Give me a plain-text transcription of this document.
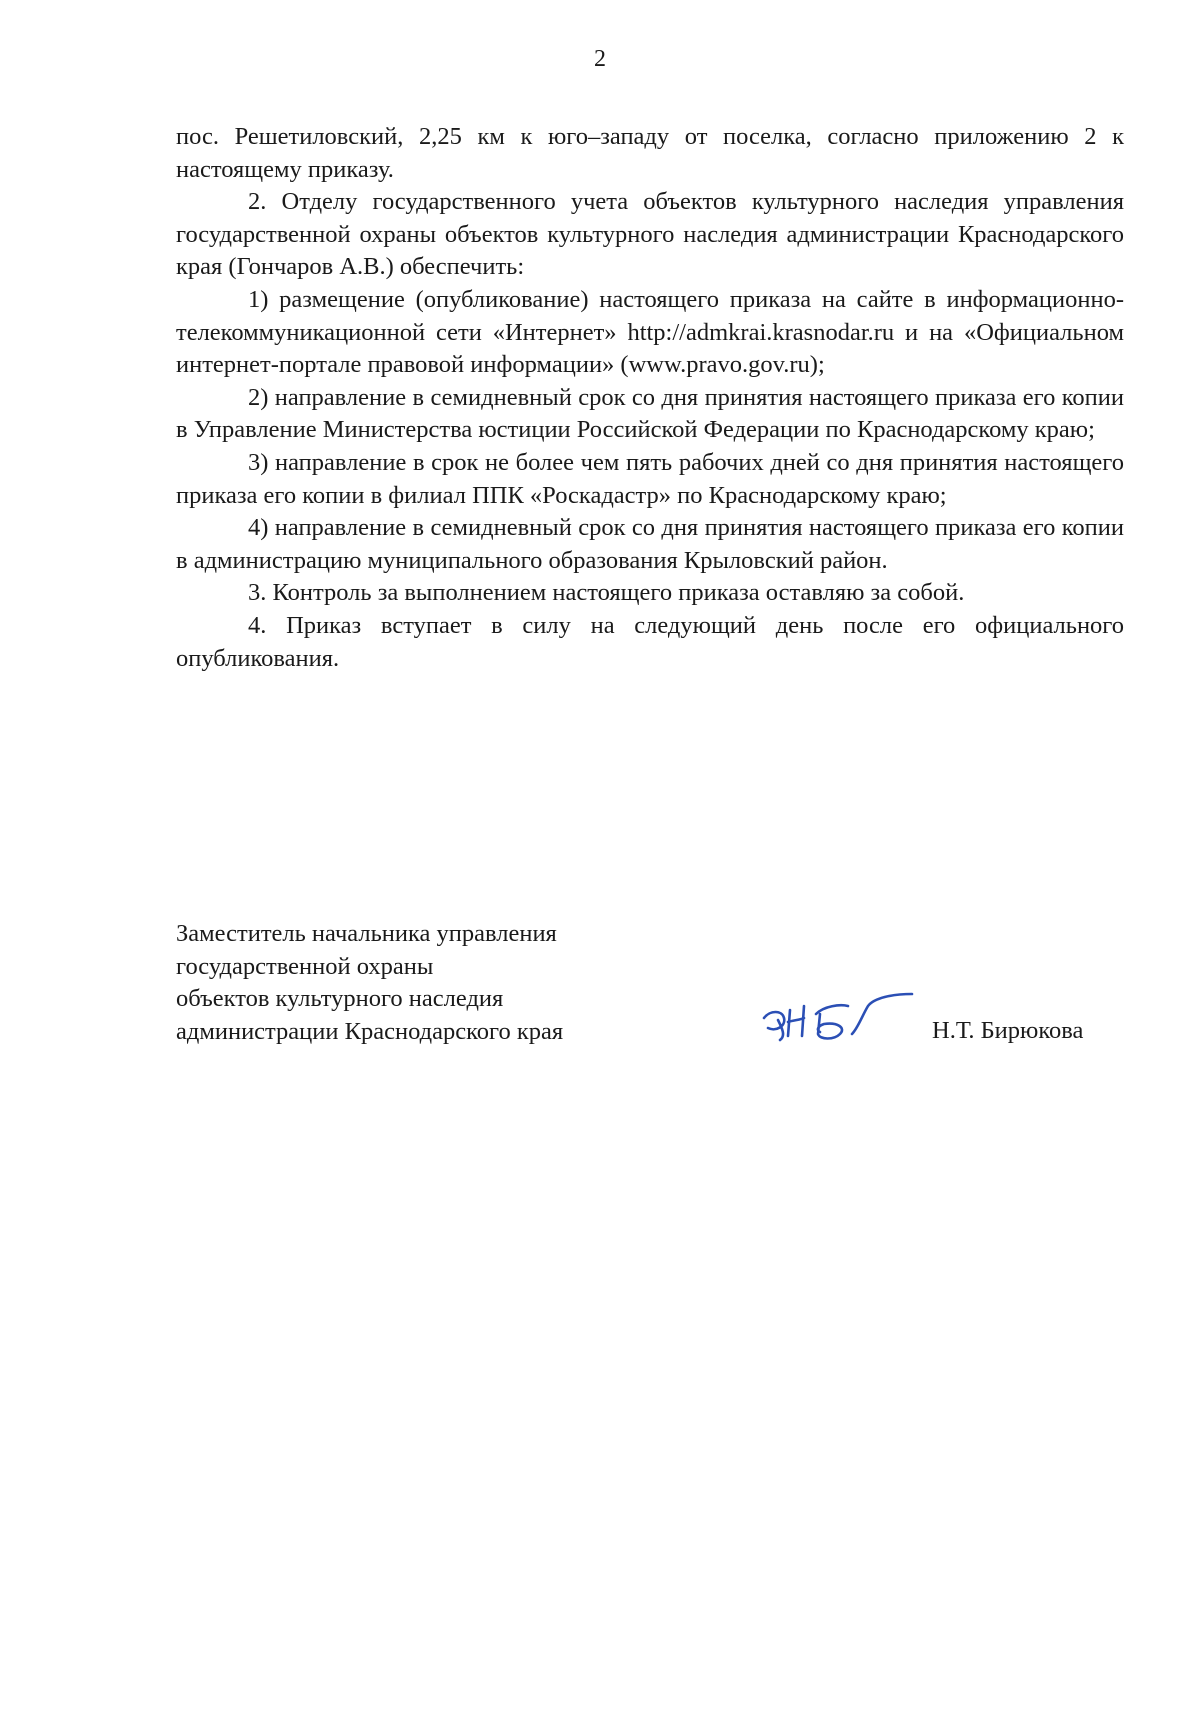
2

пос. Решетиловский, 2,25 км к юго–западу от поселка, согласно приложению 2 к настоящему приказу.

2. Отделу государственного учета объектов культурного наследия управления государственной охраны объектов культурного наследия администрации Краснодарского края (Гончаров А.В.) обеспечить:

1) размещение (опубликование) настоящего приказа на сайте в информационно-телекоммуникационной сети «Интернет» http://admkrai.krasnodar.ru и на «Официальном интернет-портале правовой информации» (www.pravo.gov.ru);

2) направление в семидневный срок со дня принятия настоящего приказа его копии в Управление Министерства юстиции Российской Федерации по Краснодарскому краю;

3) направление в срок не более чем пять рабочих дней со дня принятия настоящего приказа его копии в филиал ППК «Роскадастр» по Краснодарскому краю;

4) направление в семидневный срок со дня принятия настоящего приказа его копии в администрацию муниципального образования Крыловский район.

3. Контроль за выполнением настоящего приказа оставляю за собой.

4. Приказ вступает в силу на следующий день после его официального опубликования.

Заместитель начальника управления
государственной охраны
объектов культурного наследия
администрации Краснодарского края	Н.Т. Бирюкова
